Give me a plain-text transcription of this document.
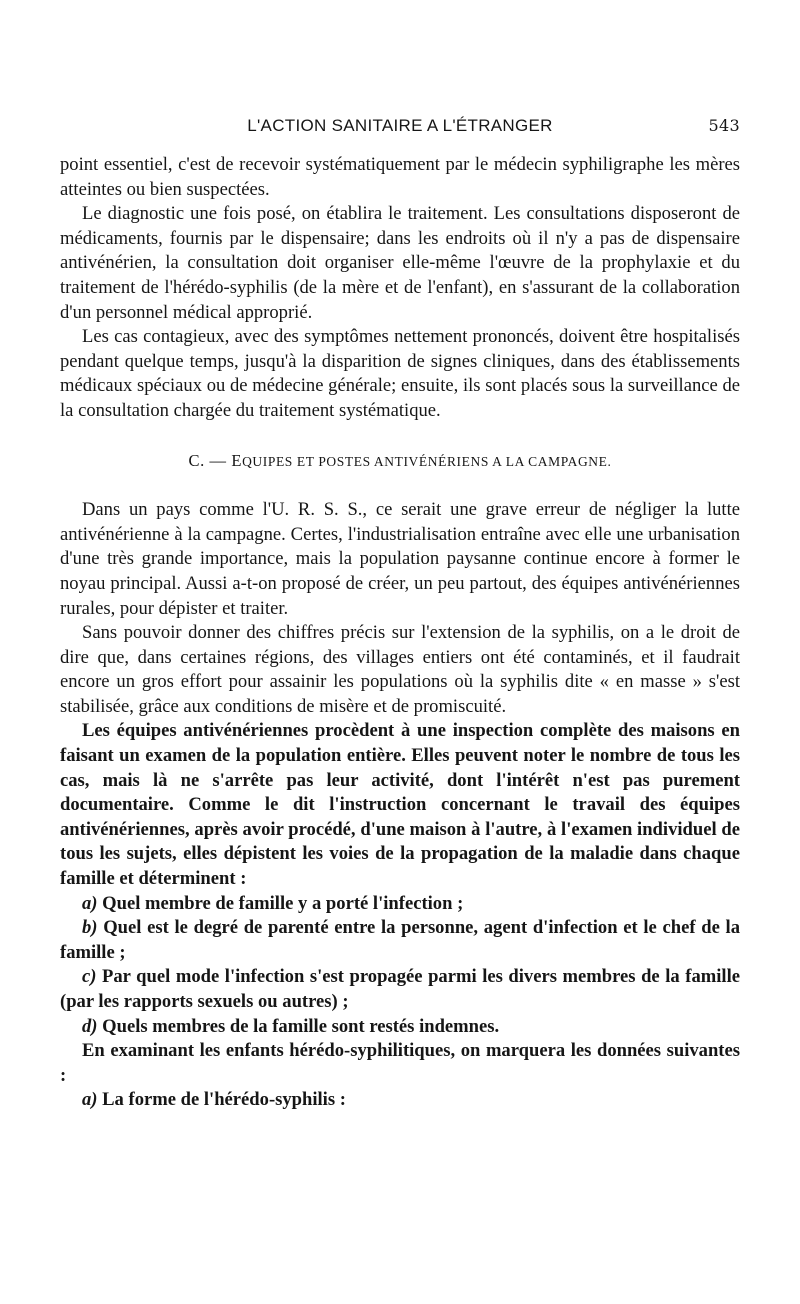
L'ACTION SANITAIRE A L'ÉTRANGER	543

point essentiel, c'est de recevoir systématiquement par le médecin syphiligraphe les mères atteintes ou bien suspectées.

Le diagnostic une fois posé, on établira le traitement. Les consultations disposeront de médicaments, fournis par le dispensaire; dans les endroits où il n'y a pas de dispensaire antivénérien, la consultation doit organiser elle-même l'œuvre de la prophylaxie et du traitement de l'hérédo-syphilis (de la mère et de l'enfant), en s'assurant de la collaboration d'un personnel médical approprié.

Les cas contagieux, avec des symptômes nettement prononcés, doivent être hospitalisés pendant quelque temps, jusqu'à la disparition de signes cliniques, dans des établissements médicaux spéciaux ou de médecine générale; ensuite, ils sont placés sous la surveillance de la consultation chargée du traitement systématique.

C. — EQUIPES ET POSTES ANTIVÉNÉRIENS A LA CAMPAGNE.

Dans un pays comme l'U. R. S. S., ce serait une grave erreur de négliger la lutte antivénérienne à la campagne. Certes, l'industrialisation entraîne avec elle une urbanisation d'une très grande importance, mais la population paysanne continue encore à former le noyau principal. Aussi a-t-on proposé de créer, un peu partout, des équipes antivénériennes rurales, pour dépister et traiter.

Sans pouvoir donner des chiffres précis sur l'extension de la syphilis, on a le droit de dire que, dans certaines régions, des villages entiers ont été contaminés, et il faudrait encore un gros effort pour assainir les populations où la syphilis dite « en masse » s'est stabilisée, grâce aux conditions de misère et de promiscuité.

Les équipes antivénériennes procèdent à une inspection complète des maisons en faisant un examen de la population entière. Elles peuvent noter le nombre de tous les cas, mais là ne s'arrête pas leur activité, dont l'intérêt n'est pas purement documentaire. Comme le dit l'instruction concernant le travail des équipes antivénériennes, après avoir procédé, d'une maison à l'autre, à l'examen individuel de tous les sujets, elles dépistent les voies de la propagation de la maladie dans chaque famille et déterminent :

a) Quel membre de famille y a porté l'infection ;

b) Quel est le degré de parenté entre la personne, agent d'infection et le chef de la famille ;

c) Par quel mode l'infection s'est propagée parmi les divers membres de la famille (par les rapports sexuels ou autres) ;

d) Quels membres de la famille sont restés indemnes.

En examinant les enfants hérédo-syphilitiques, on marquera les données suivantes :

a) La forme de l'hérédo-syphilis :
